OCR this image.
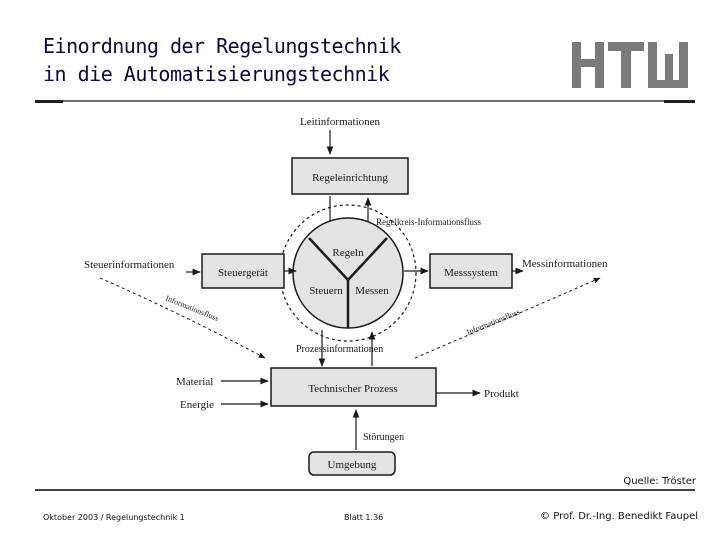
Einordnung der Regelungstechnik
in die Automatisierungstechnik
Leitinformationen
Regeleinrichtung
Regelkreis-Informationsfluss
Regeln
Steuern Messen
Steuerinformationen
Steuergerät	Messsystem
Messinformationen
Informationsfluss	Informationsfluss
Prozessinformationen
Technischer Prozess
Material
Energie
Produkt
Störungen
Umgebung
Quelle: Tröster
Oktober 2003 / Regelungstechnik 1	Blatt 1.36	© Prof. Dr.-Ing. Benedikt Faupel
